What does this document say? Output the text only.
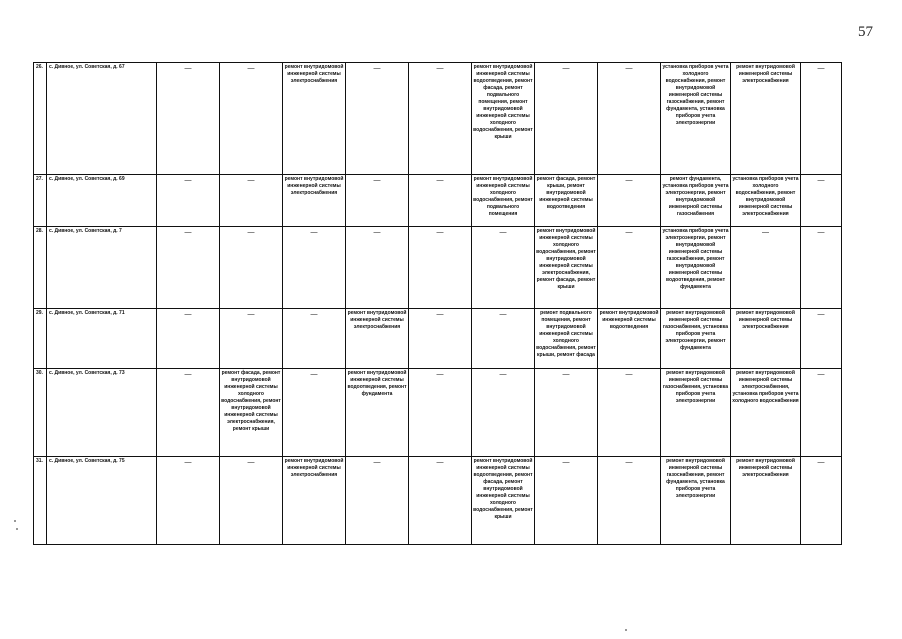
57
26.	с. Дивное, ул. Советская, д. 67	—	—	ремонт внутридомовой инженерной системы электроснабжения	—	—	ремонт внутридомовой инженерной системы водоотведения, ремонт фасада, ремонт подвального помещения, ремонт внутридомовой инженерной системы холодного водоснабжения, ремонт крыши	—	—	установка приборов учета холодного водоснабжения, ремонт внутридомовой инженерной системы газоснабжения, ремонт фундамента, установка приборов учета электроэнергии	ремонт внутридомовой инженерной системы электроснабжения	—

27.	с. Дивное, ул. Советская, д. 69	—	—	ремонт внутридомовой инженерной системы электроснабжения	—	—	ремонт внутридомовой инженерной системы холодного водоснабжения, ремонт подвального помещения	ремонт фасада, ремонт крыши, ремонт внутридомовой инженерной системы водоотведения	—	ремонт фундамента, установка приборов учета электроэнергии, ремонт внутридомовой инженерной системы газоснабжения	установка приборов учета холодного водоснабжения, ремонт внутридомовой инженерной системы электроснабжения	—

28.	с. Дивное, ул. Советская, д. 7	—	—	—	—	—	—	ремонт внутридомовой инженерной системы холодного водоснабжения, ремонт внутридомовой инженерной системы электроснабжения, ремонт фасада, ремонт крыши	—	установка приборов учета электроэнергии, ремонт внутридомовой инженерной системы газоснабжения, ремонт внутридомовой инженерной системы водоотведения, ремонт фундамента	—	—

29.	с. Дивное, ул. Советская, д. 71	—	—	—	ремонт внутридомовой инженерной системы электроснабжения	—	—	ремонт подвального помещения, ремонт внутридомовой инженерной системы холодного водоснабжения, ремонт крыши, ремонт фасада	ремонт внутридомовой инженерной системы водоотведения	ремонт внутридомовой инженерной системы газоснабжения, установка приборов учета электроэнергии, ремонт фундамента	ремонт внутридомовой инженерной системы электроснабжения	—

30.	с. Дивное, ул. Советская, д. 73	—	ремонт фасада, ремонт внутридомовой инженерной системы холодного водоснабжения, ремонт внутридомовой инженерной системы электроснабжения, ремонт крыши	—	ремонт внутридомовой инженерной системы водоотведения, ремонт фундамента	—	—	—	—	ремонт внутридомовой инженерной системы газоснабжения, установка приборов учета электроэнергии	ремонт внутридомовой инженерной системы электроснабжения, установка приборов учета холодного водоснабжения	—

31.	с. Дивное, ул. Советская, д. 75	—	—	ремонт внутридомовой инженерной системы электроснабжения	—	—	ремонт внутридомовой инженерной системы водоотведения, ремонт фасада, ремонт внутридомовой инженерной системы холодного водоснабжения, ремонт крыши	—	—	ремонт внутридомовой инженерной системы газоснабжения, ремонт фундамента, установка приборов учета электроэнергии	ремонт внутридомовой инженерной системы электроснабжения	—
